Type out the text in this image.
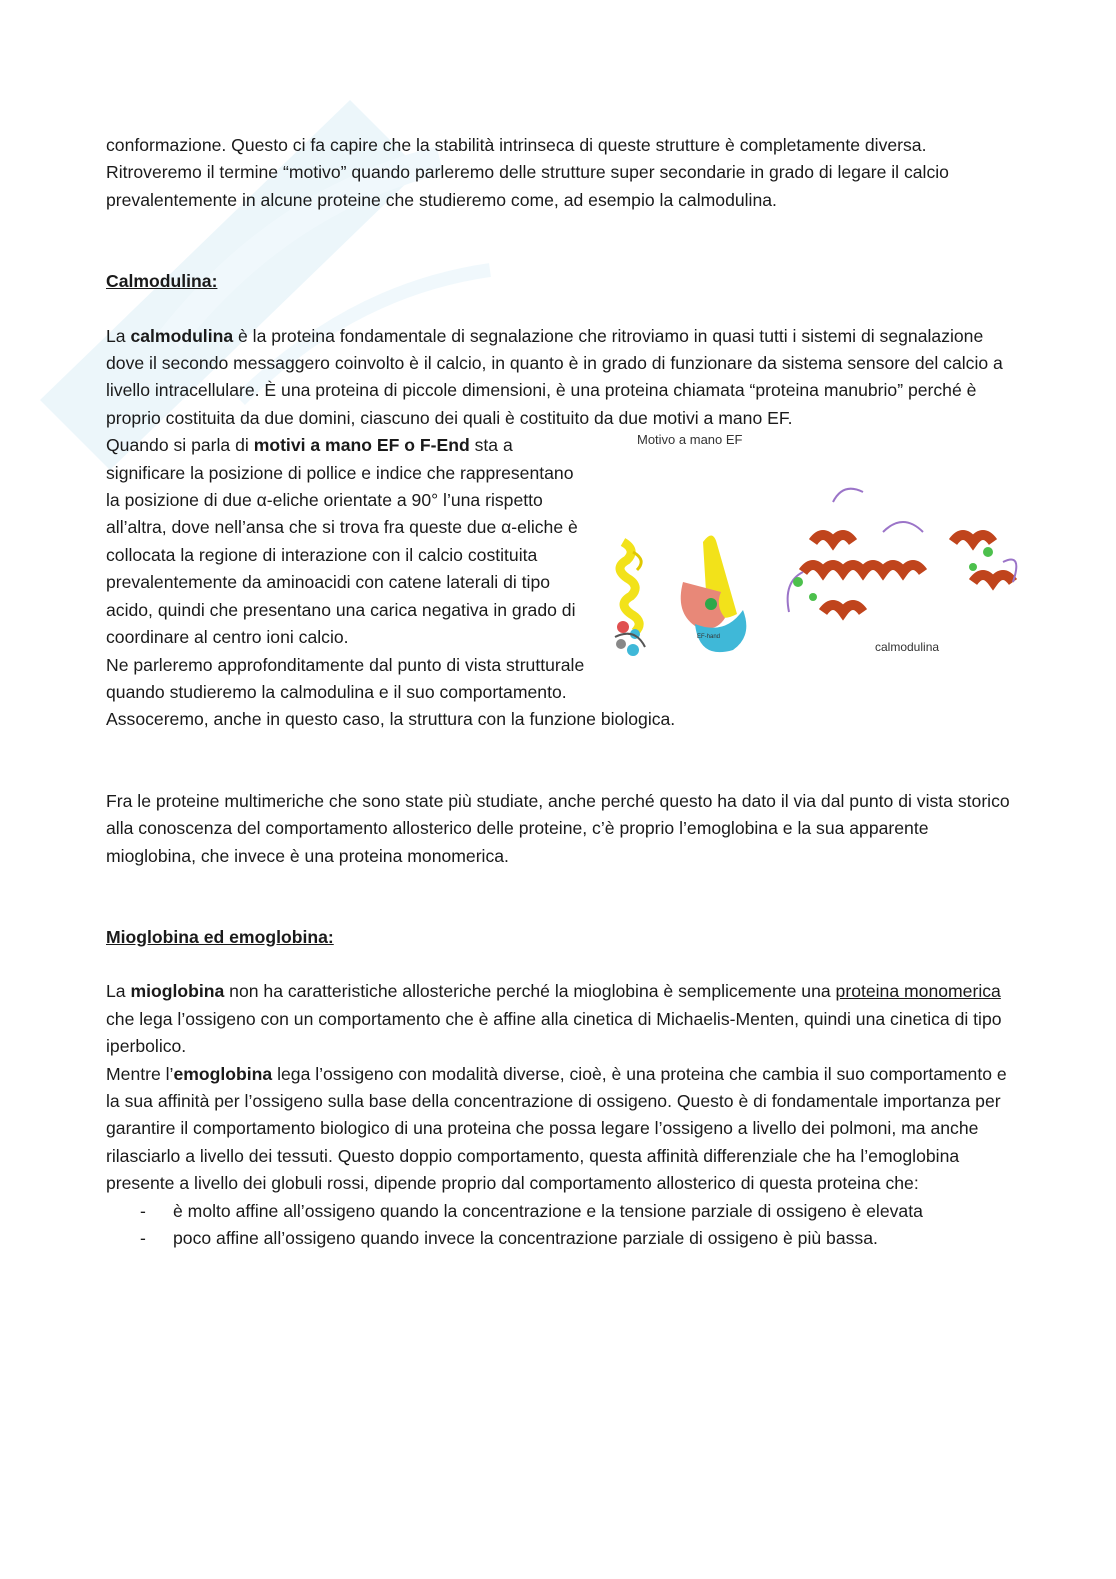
conformazione. Questo ci fa capire che la stabilità intrinseca di queste strutture è completamente diversa.

Ritroveremo il termine “motivo” quando parleremo delle strutture super secondarie in grado di legare il calcio prevalentemente in alcune proteine che studieremo come, ad esempio la calmodulina.

Calmodulina:

La calmodulina è la proteina fondamentale di segnalazione che ritroviamo in quasi tutti i sistemi di segnalazione dove il secondo messaggero coinvolto è il calcio, in quanto è in grado di funzionare da sistema sensore del calcio a livello intracellulare. È una proteina di piccole dimensioni, è una proteina chiamata “proteina manubrio” perché è proprio costituita da due domini, ciascuno dei quali è costituito da due motivi a mano EF.

Motivo a mano EF
EF-hand
calmodulina

Quando si parla di motivi a mano EF o F-End sta a significare la posizione di pollice e indice che rappresentano la posizione di due α-eliche orientate a 90° l’una rispetto all’altra, dove nell’ansa che si trova fra queste due α-eliche è collocata la regione di interazione con il calcio costituita prevalentemente da aminoacidi con catene laterali di tipo acido, quindi che presentano una carica negativa in grado di coordinare al centro ioni calcio.

Ne parleremo approfonditamente dal punto di vista strutturale quando studieremo la calmodulina e il suo comportamento. Assoceremo, anche in questo caso, la struttura con la funzione biologica.

Fra le proteine multimeriche che sono state più studiate, anche perché questo ha dato il via dal punto di vista storico alla conoscenza del comportamento allosterico delle proteine, c’è proprio l’emoglobina e la sua apparente mioglobina, che invece è una proteina monomerica.

Mioglobina ed emoglobina:

La mioglobina non ha caratteristiche allosteriche perché la mioglobina è semplicemente una proteina monomerica che lega l’ossigeno con un comportamento che è affine alla cinetica di Michaelis-Menten, quindi una cinetica di tipo iperbolico.

Mentre l’emoglobina lega l’ossigeno con modalità diverse, cioè, è una proteina che cambia il suo comportamento e la sua affinità per l’ossigeno sulla base della concentrazione di ossigeno. Questo è di fondamentale importanza per garantire il comportamento biologico di una proteina che possa legare l’ossigeno a livello dei polmoni, ma anche rilasciarlo a livello dei tessuti. Questo doppio comportamento, questa affinità differenziale che ha l’emoglobina presente a livello dei globuli rossi, dipende proprio dal comportamento allosterico di questa proteina che:

- è molto affine all’ossigeno quando la concentrazione e la tensione parziale di ossigeno è elevata
- poco affine all’ossigeno quando invece la concentrazione parziale di ossigeno è più bassa.
